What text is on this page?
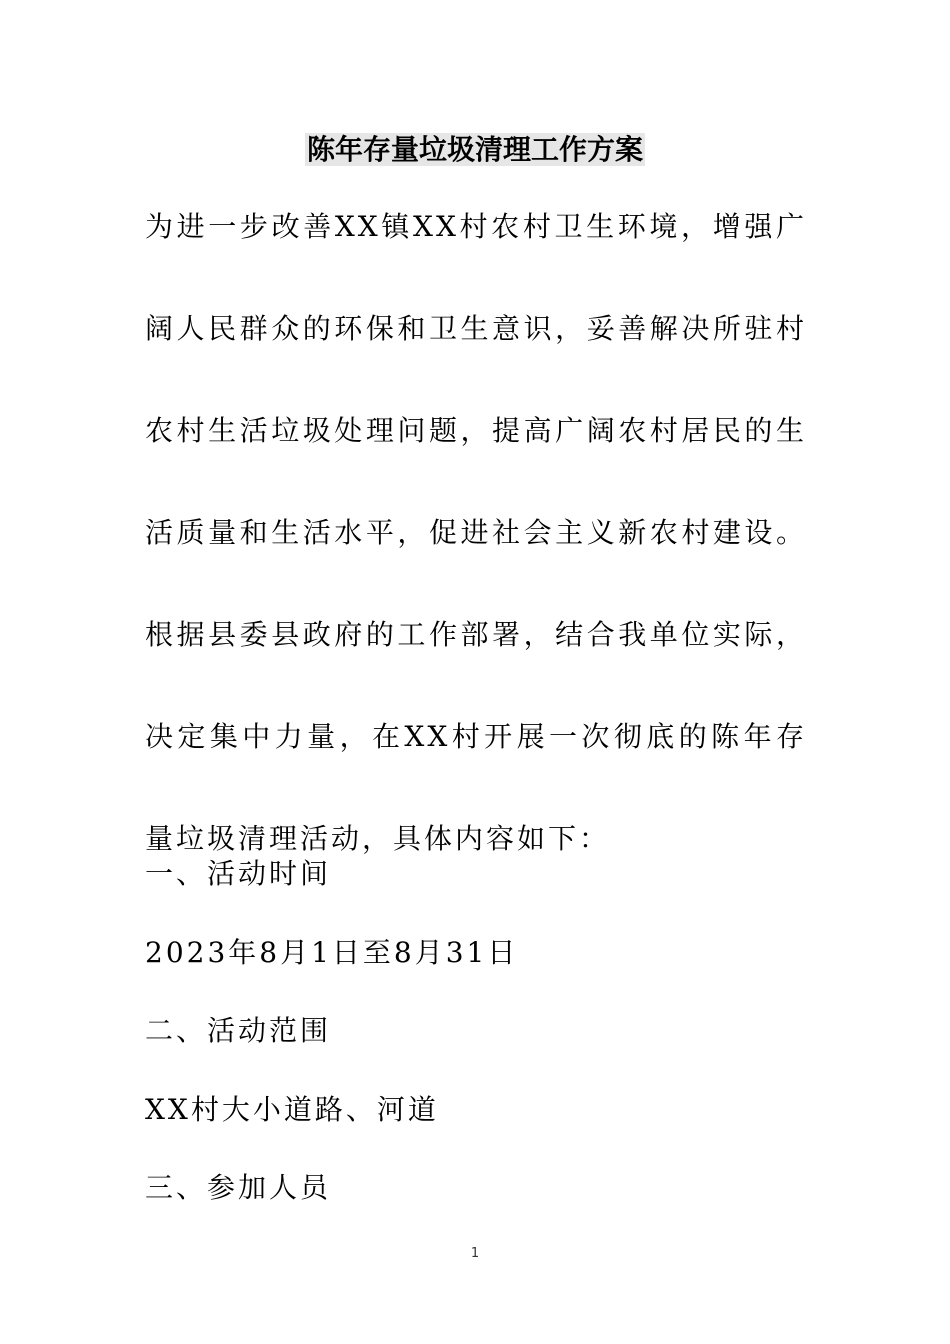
陈年存量垃圾清理工作方案

为进一步改善XX镇XX村农村卫生环境，增强广阔人民群众的环保和卫生意识，妥善解决所驻村农村生活垃圾处理问题，提高广阔农村居民的生活质量和生活水平，促进社会主义新农村建设。根据县委县政府的工作部署，结合我单位实际，决定集中力量，在XX村开展一次彻底的陈年存量垃圾清理活动，具体内容如下：

一、活动时间
2023年8月1日至8月31日
二、活动范围
XX村大小道路、河道
三、参加人员
1
